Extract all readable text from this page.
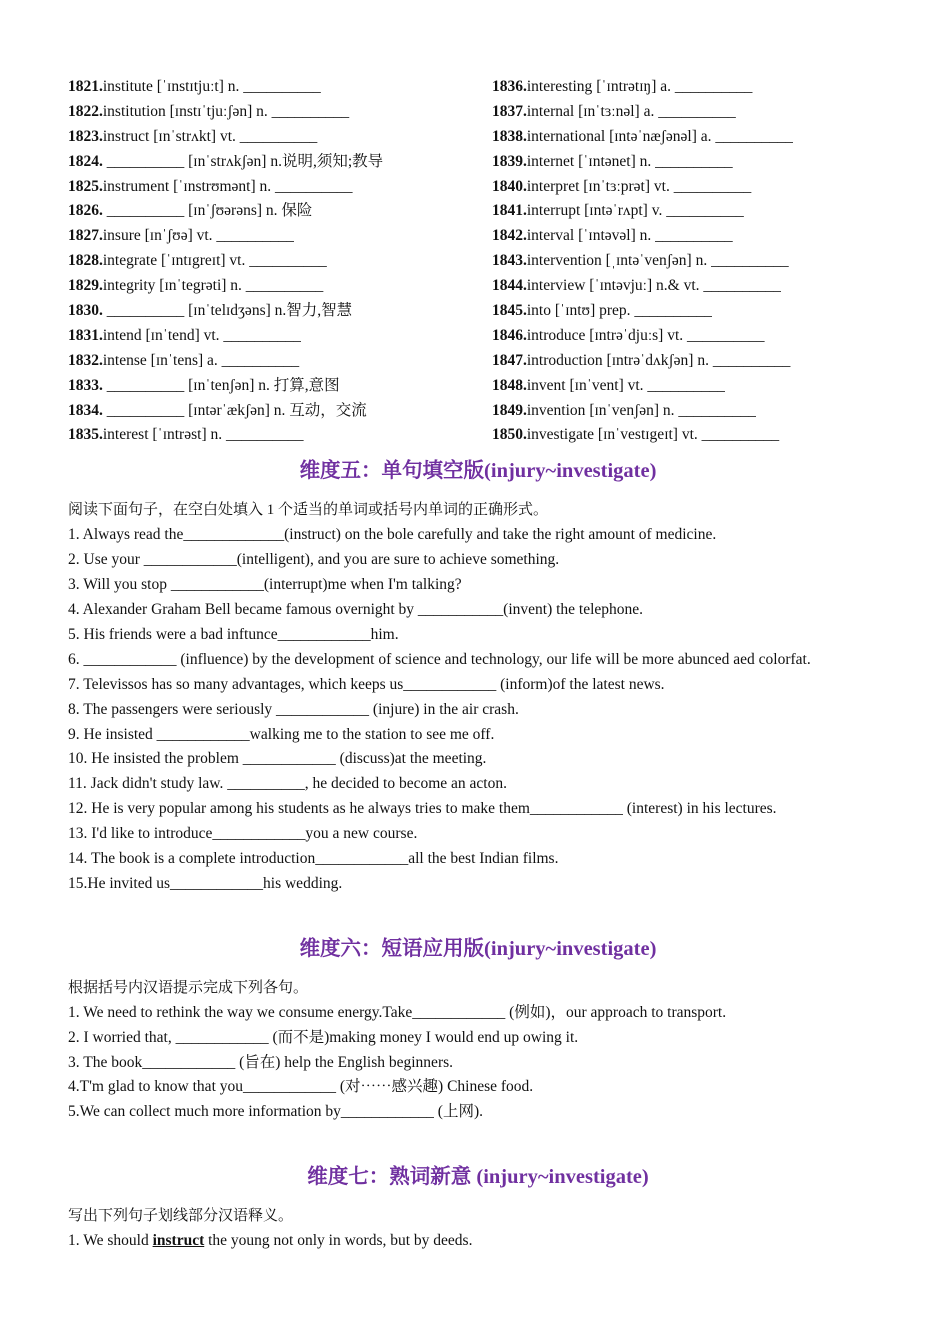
1821.institute [ˈɪnstɪtjuːt] n. __________
1822.institution [ɪnstɪˈtjuːʃən] n. __________
1823.instruct [ɪnˈstrʌkt] vt. __________
1824. __________ [ɪnˈstrʌkʃən] n.说明,须知;教导
1825.instrument [ˈɪnstrʊmənt] n. __________
1826. __________ [ɪnˈʃʊərəns] n. 保险
1827.insure [ɪnˈʃʊə] vt. __________
1828.integrate [ˈɪntɪgreɪt] vt. __________
1829.integrity [ɪnˈtegrəti] n. __________
1830. __________ [ɪnˈtelɪdʒəns] n.智力,智慧
1831.intend [ɪnˈtend] vt. __________
1832.intense [ɪnˈtens] a. __________
1833. __________ [ɪnˈtenʃən] n. 打算,意图
1834. __________ [ɪntərˈækʃən] n. 互动，交流
1835.interest [ˈɪntrəst] n. __________
1836.interesting [ˈɪntrətɪŋ] a. __________
1837.internal [ɪnˈtɜːnəl] a. __________
1838.international [ɪntəˈnæʃənəl] a. __________
1839.internet [ˈɪntənet] n. __________
1840.interpret [ɪnˈtɜːprət] vt. __________
1841.interrupt [ɪntəˈrʌpt] v. __________
1842.interval [ˈɪntəvəl] n. __________
1843.intervention [ˌɪntəˈvenʃən] n. __________
1844.interview [ˈɪntəvjuː] n.& vt. __________
1845.into [ˈɪntʊ] prep. __________
1846.introduce [ɪntrəˈdjuːs] vt. __________
1847.introduction [ɪntrəˈdʌkʃən] n. __________
1848.invent [ɪnˈvent] vt. __________
1849.invention [ɪnˈvenʃən] n. __________
1850.investigate [ɪnˈvestɪgeɪt] vt. __________
维度五：单句填空版(injury~investigate)
阅读下面句子，在空白处填入 1 个适当的单词或括号内单词的正确形式。
1. Always read the_____________(instruct) on the bole carefully and take the right amount of medicine.
2. Use your ____________(intelligent), and you are sure to achieve something.
3. Will you stop ____________(interrupt)me when I'm talking?
4. Alexander Graham Bell became famous overnight by ___________(invent) the telephone.
5. His friends were a bad inftunce____________him.
6. ____________ (influence) by the development of science and technology, our life will be more abunced aed colorfat.
7. Televissos has so many advantages, which keeps us____________ (inform)of the latest news.
8. The passengers were seriously ____________ (injure) in the air crash.
9. He insisted ____________walking me to the station to see me off.
10. He insisted the problem ____________ (discuss)at the meeting.
11. Jack didn't study law. __________, he decided to become an acton.
12. He is very popular among his students as he always tries to make them____________ (interest) in his lectures.
13. I'd like to introduce____________you a new course.
14. The book is a complete introduction____________all the best Indian films.
15.He invited us____________his wedding.
维度六：短语应用版(injury~investigate)
根据括号内汉语提示完成下列各句。
1. We need to rethink the way we consume energy.Take____________ (例如)，our approach to transport.
2. I worried that, ____________ (而不是)making money I would end up owing it.
3. The book____________ (旨在) help the English beginners.
4.T'm glad to know that you____________ (对⋯⋯感兴趣) Chinese food.
5.We can collect much more information by____________ (上网).
维度七：熟词新意 (injury~investigate)
写出下列句子划线部分汉语释义。
1. We should instruct the young not only in words, but by deeds.
